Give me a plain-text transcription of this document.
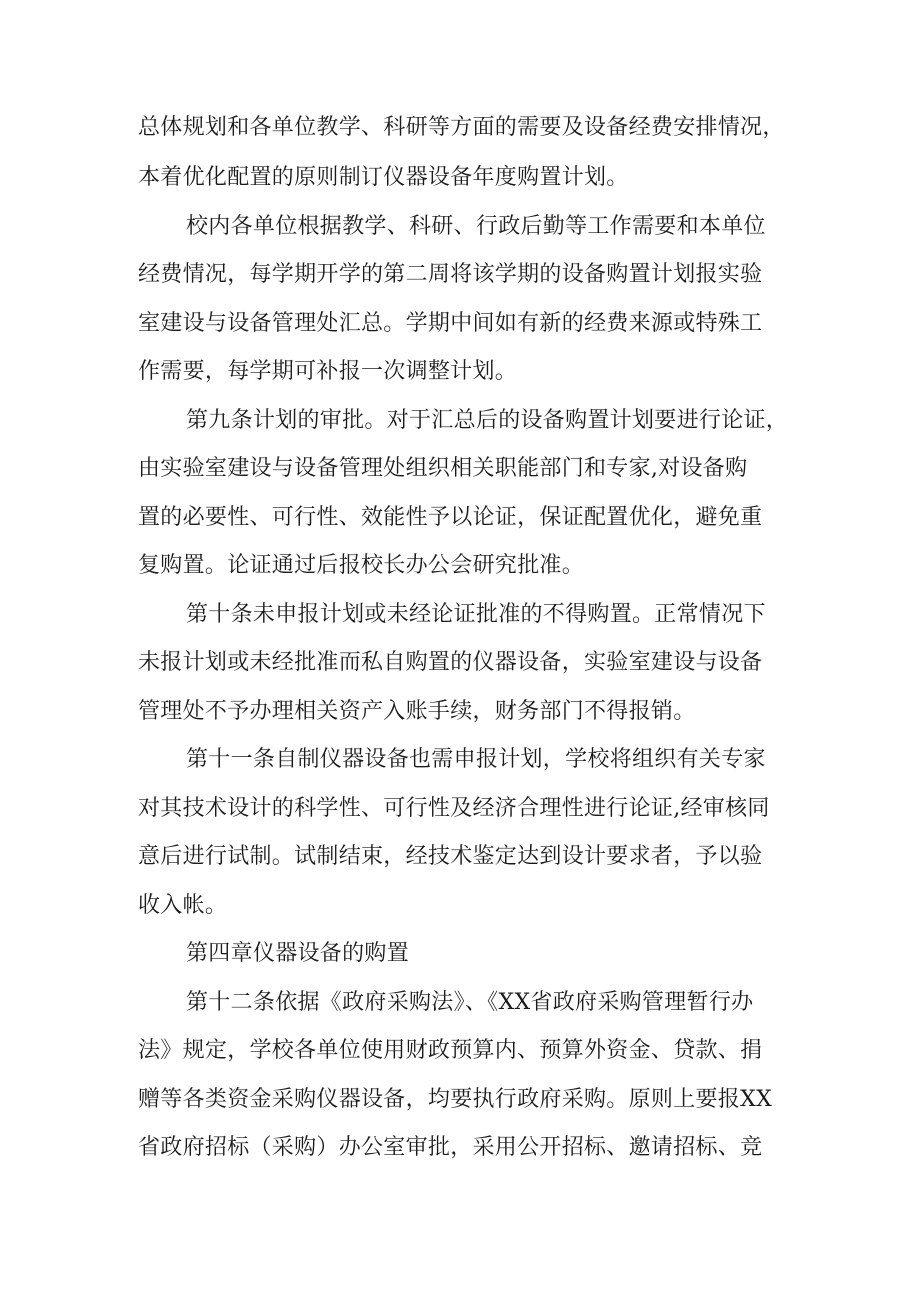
总体规划和各单位教学、科研等方面的需要及设备经费安排情况，
本着优化配置的原则制订仪器设备年度购置计划。
校内各单位根据教学、科研、行政后勤等工作需要和本单位
经费情况，每学期开学的第二周将该学期的设备购置计划报实验
室建设与设备管理处汇总。学期中间如有新的经费来源或特殊工
作需要，每学期可补报一次调整计划。
第九条计划的审批。对于汇总后的设备购置计划要进行论证，
由实验室建设与设备管理处组织相关职能部门和专家,对设备购
置的必要性、可行性、效能性予以论证，保证配置优化，避免重
复购置。论证通过后报校长办公会研究批准。
第十条未申报计划或未经论证批准的不得购置。正常情况下
未报计划或未经批准而私自购置的仪器设备，实验室建设与设备
管理处不予办理相关资产入账手续，财务部门不得报销。
第十一条自制仪器设备也需申报计划，学校将组织有关专家
对其技术设计的科学性、可行性及经济合理性进行论证,经审核同
意后进行试制。试制结束，经技术鉴定达到设计要求者，予以验
收入帐。
第四章仪器设备的购置
第十二条依据《政府采购法》、《XX省政府采购管理暂行办
法》规定，学校各单位使用财政预算内、预算外资金、贷款、捐
赠等各类资金采购仪器设备，均要执行政府采购。原则上要报XX
省政府招标（采购）办公室审批，采用公开招标、邀请招标、竞
